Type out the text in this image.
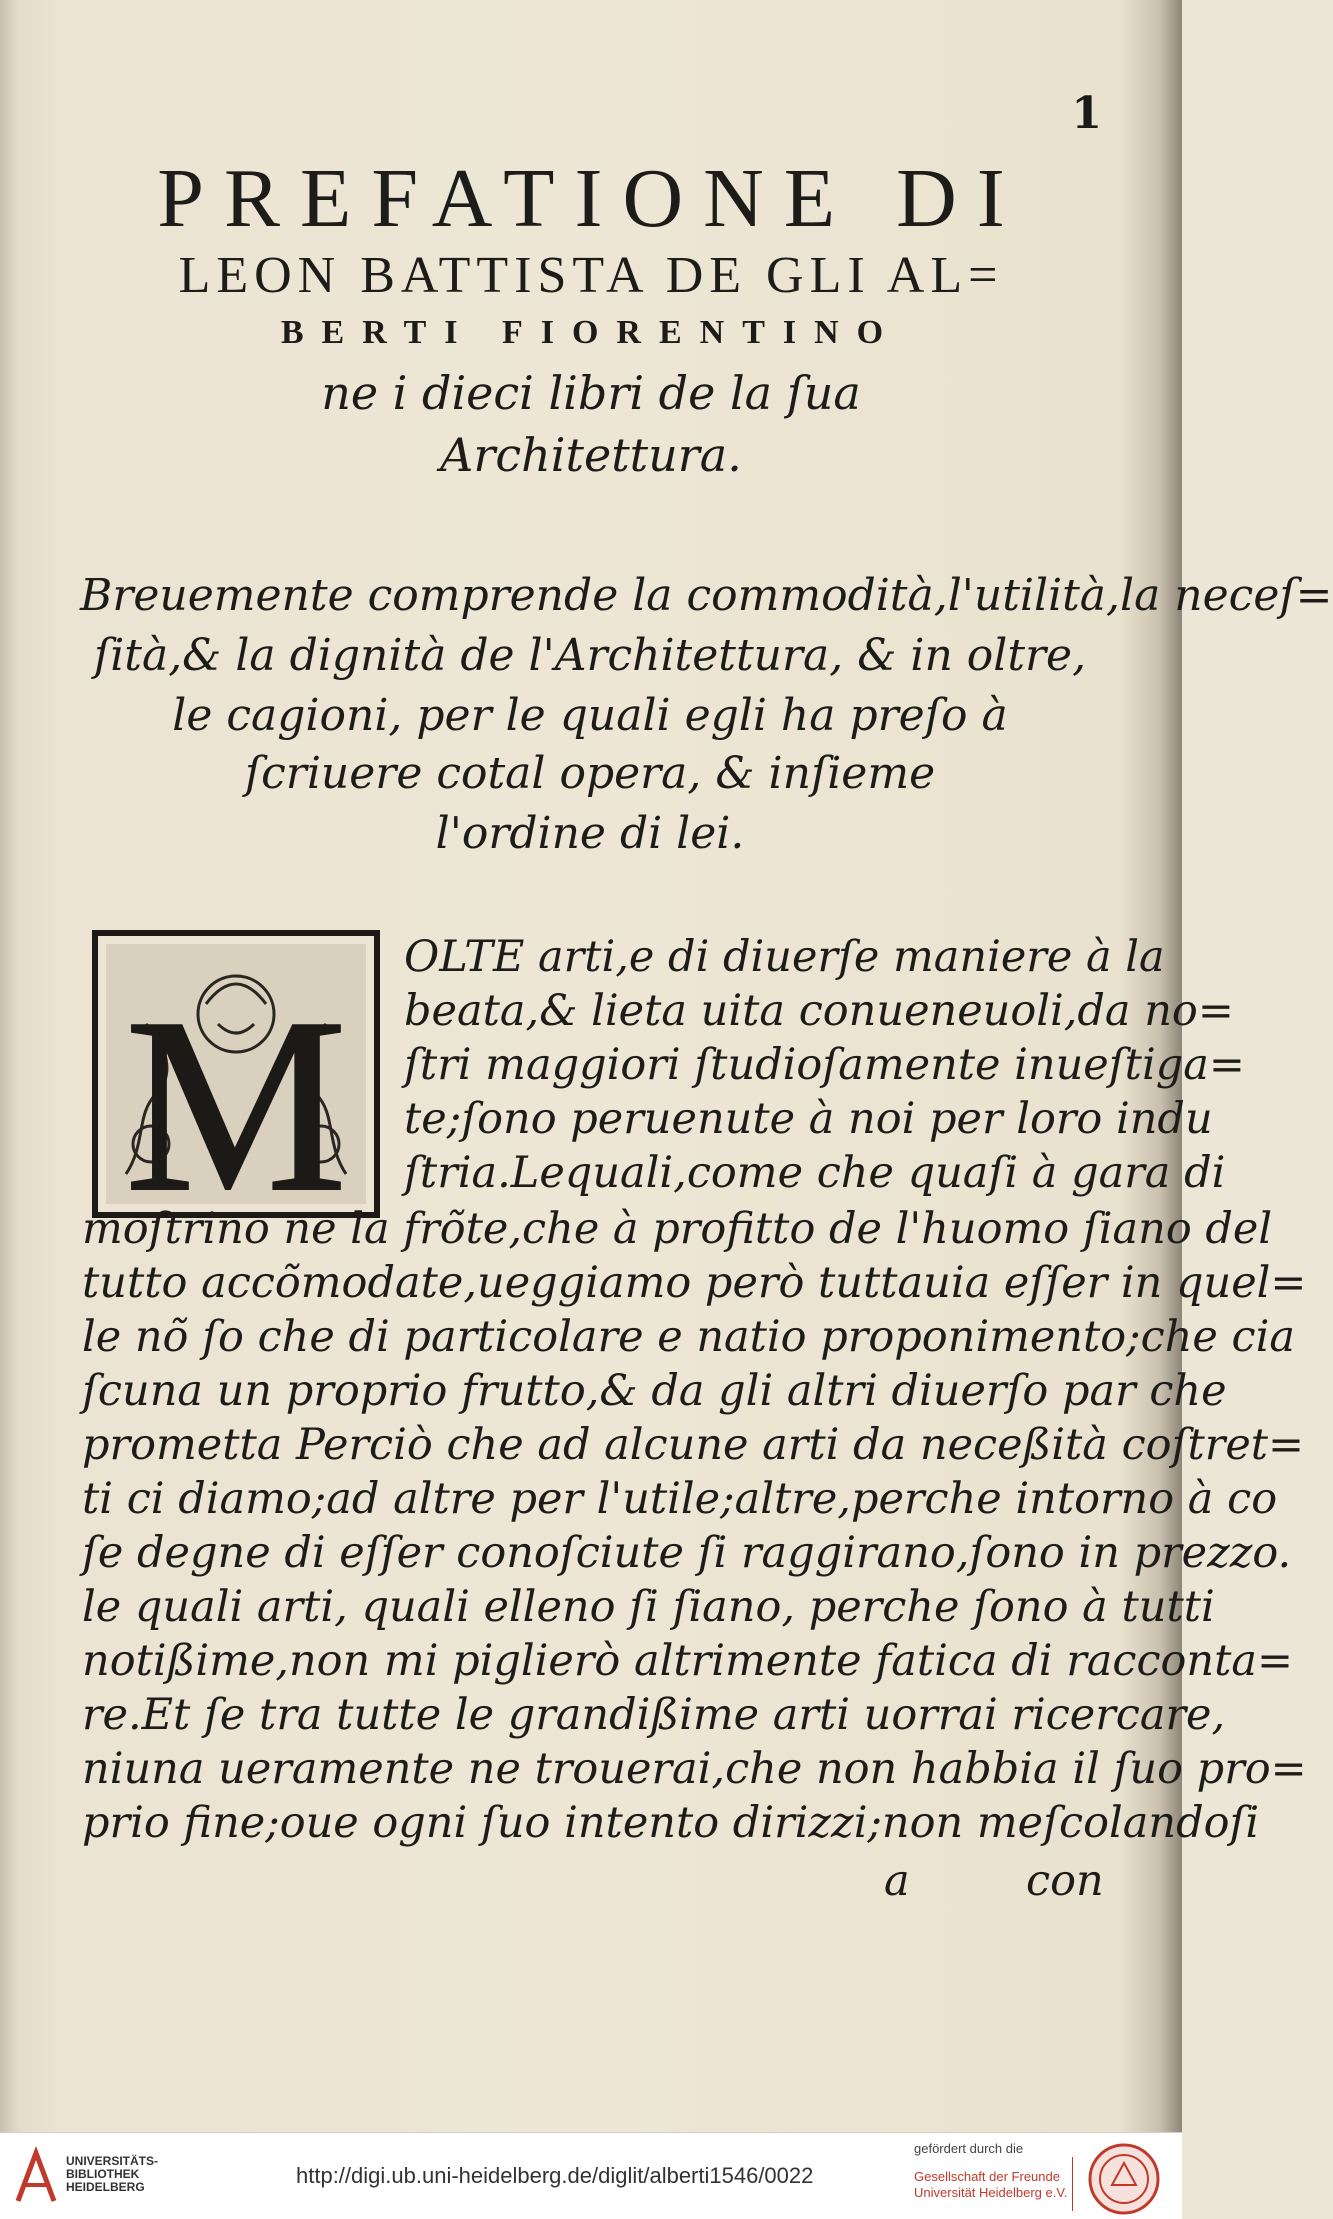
1
PREFATIONE DI
LEON BATTISTA DE GLI AL=
BERTI FIORENTINO
ne i dieci libri de la ſua
Architettura.
Breuemente comprende la commodità,l'utilità,la neceſ=
ſità,& la dignità de l'Architettura, & in oltre,
le cagioni, per le quali egli ha preſo à
ſcriuere cotal opera, & inſieme
l'ordine di lei.
M
OLTE arti,e di diuerſe maniere à la
beata,& lieta uita conueneuoli,da no=
ſtri maggiori ſtudioſamente inueſtiga=
te;ſono peruenute à noi per loro indu
ſtria.Lequali,come che quaſi à gara di
moſtrino ne la frõte,che à profitto de l'huomo ſiano del
tutto accõmodate,ueggiamo però tuttauia eſſer in quel=
le nõ ſo che di particolare e natio proponimento;che cia
ſcuna un proprio frutto,& da gli altri diuerſo par che
prometta Perciò che ad alcune arti da neceßità coſtret=
ti ci diamo;ad altre per l'utile;altre,perche intorno à co
ſe degne di eſſer conoſciute ſi raggirano,ſono in prezzo.
le quali arti, quali elleno ſi ſiano, perche ſono à tutti
notißime,non mi piglierò altrimente fatica di racconta=
re.Et ſe tra tutte le grandißime arti uorrai ricercare,
niuna ueramente ne trouerai,che non habbia il ſuo pro=
prio fine;oue ogni ſuo intento dirizzi;non meſcolandoſi
a	con
UNIVERSITÄTS-BIBLIOTHEK HEIDELBERG	http://digi.ub.uni-heidelberg.de/diglit/alberti1546/0022
gefördert durch die
Gesellschaft der Freunde Universität Heidelberg e.V.
